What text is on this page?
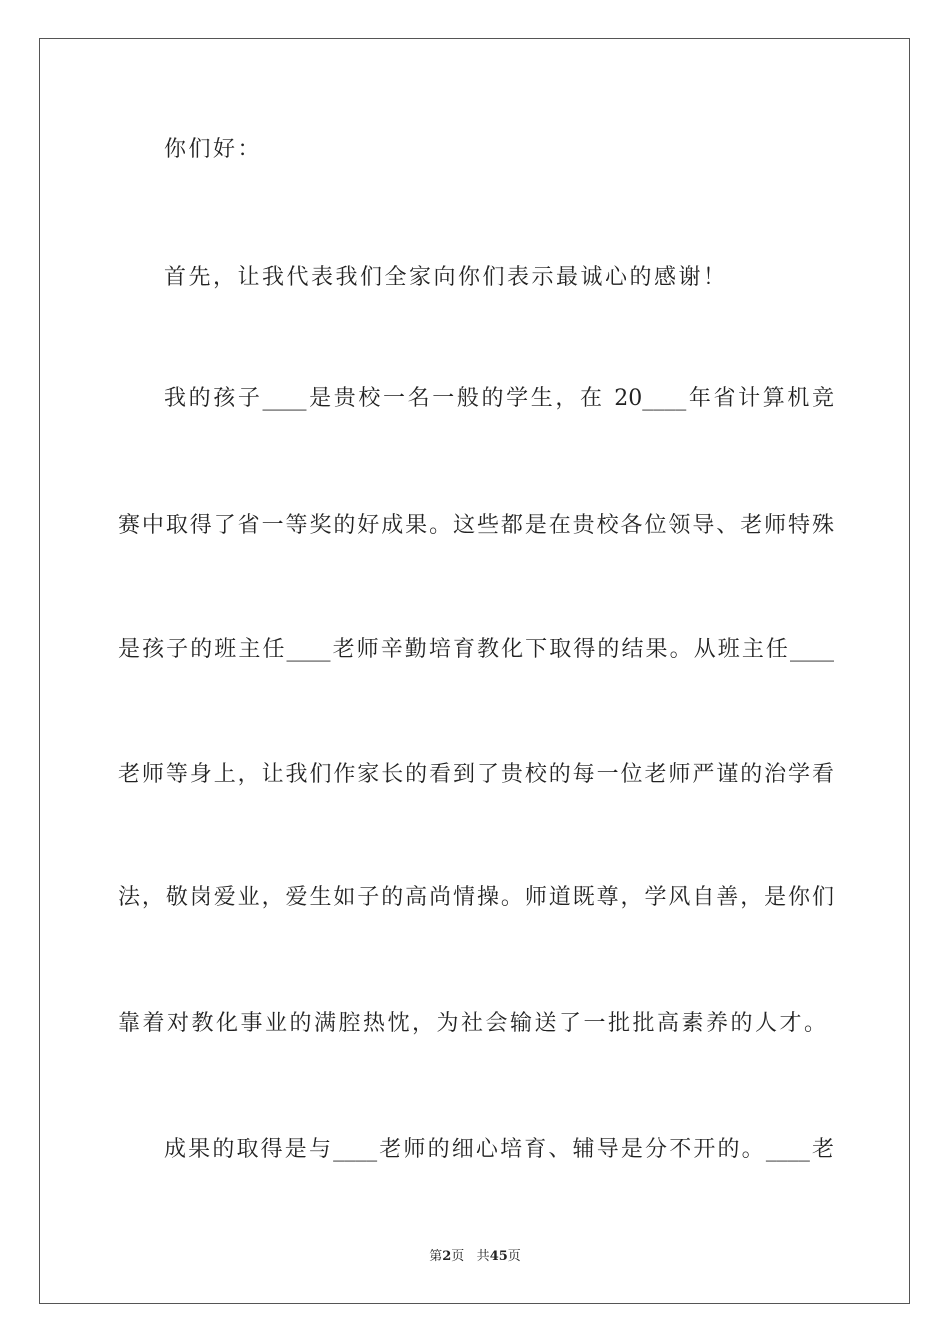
你们好：
首先，让我代表我们全家向你们表示最诚心的感谢！
我的孩子____是贵校一名一般的学生，在 20____年省计算机竞
赛中取得了省一等奖的好成果。这些都是在贵校各位领导、老师特殊
是孩子的班主任____老师辛勤培育教化下取得的结果。从班主任____
老师等身上，让我们作家长的看到了贵校的每一位老师严谨的治学看
法，敬岗爱业，爱生如子的高尚情操。师道既尊，学风自善，是你们
靠着对教化事业的满腔热忱，为社会输送了一批批高素养的人才。
成果的取得是与____老师的细心培育、辅导是分不开的。____老
第2页 共45页
